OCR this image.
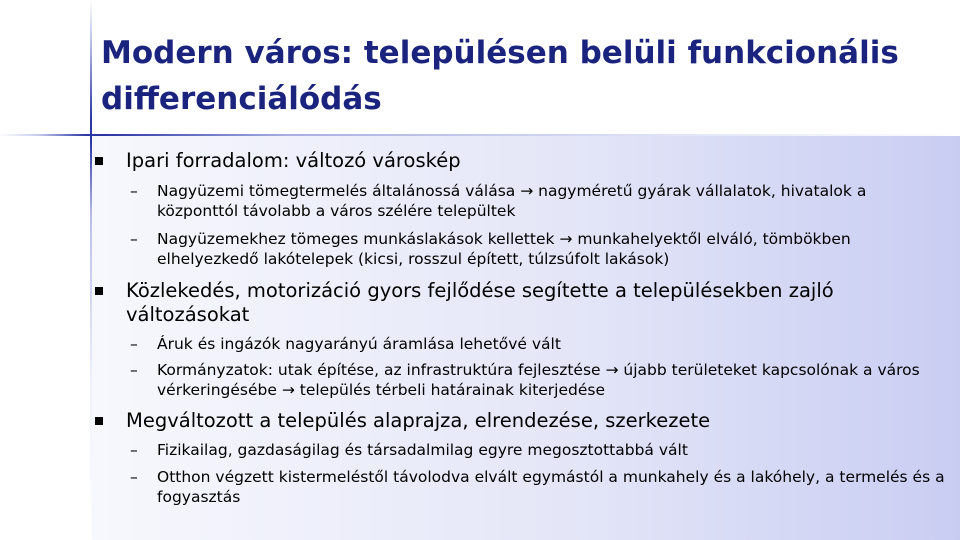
Modern város: településen belüli funkcionális differenciálódás
Ipari forradalom: változó városkép
– Nagyüzemi tömegtermelés általánossá válása → nagyméretű gyárak vállalatok, hivatalok a központtól távolabb a város szélére települtek
– Nagyüzemekhez tömeges munkáslakások kellettek → munkahelyektől elváló, tömbökben elhelyezkedő lakótelepek (kicsi, rosszul épített, túlzsúfolt lakások)
Közlekedés, motorizáció gyors fejlődése segítette a településekben zajló változásokat
– Áruk és ingázók nagyarányú áramlása lehetővé vált
– Kormányzatok: utak építése, az infrastruktúra fejlesztése → újabb területeket kapcsolónak a város vérkeringésébe → település térbeli határainak kiterjedése
Megváltozott a település alaprajza, elrendezése, szerkezete
– Fizikailag, gazdaságilag és társadalmilag egyre megosztottabbá vált
– Otthon végzett kistermeléstől távolodva elvált egymástól a munkahely és a lakóhely, a termelés és a fogyasztás
